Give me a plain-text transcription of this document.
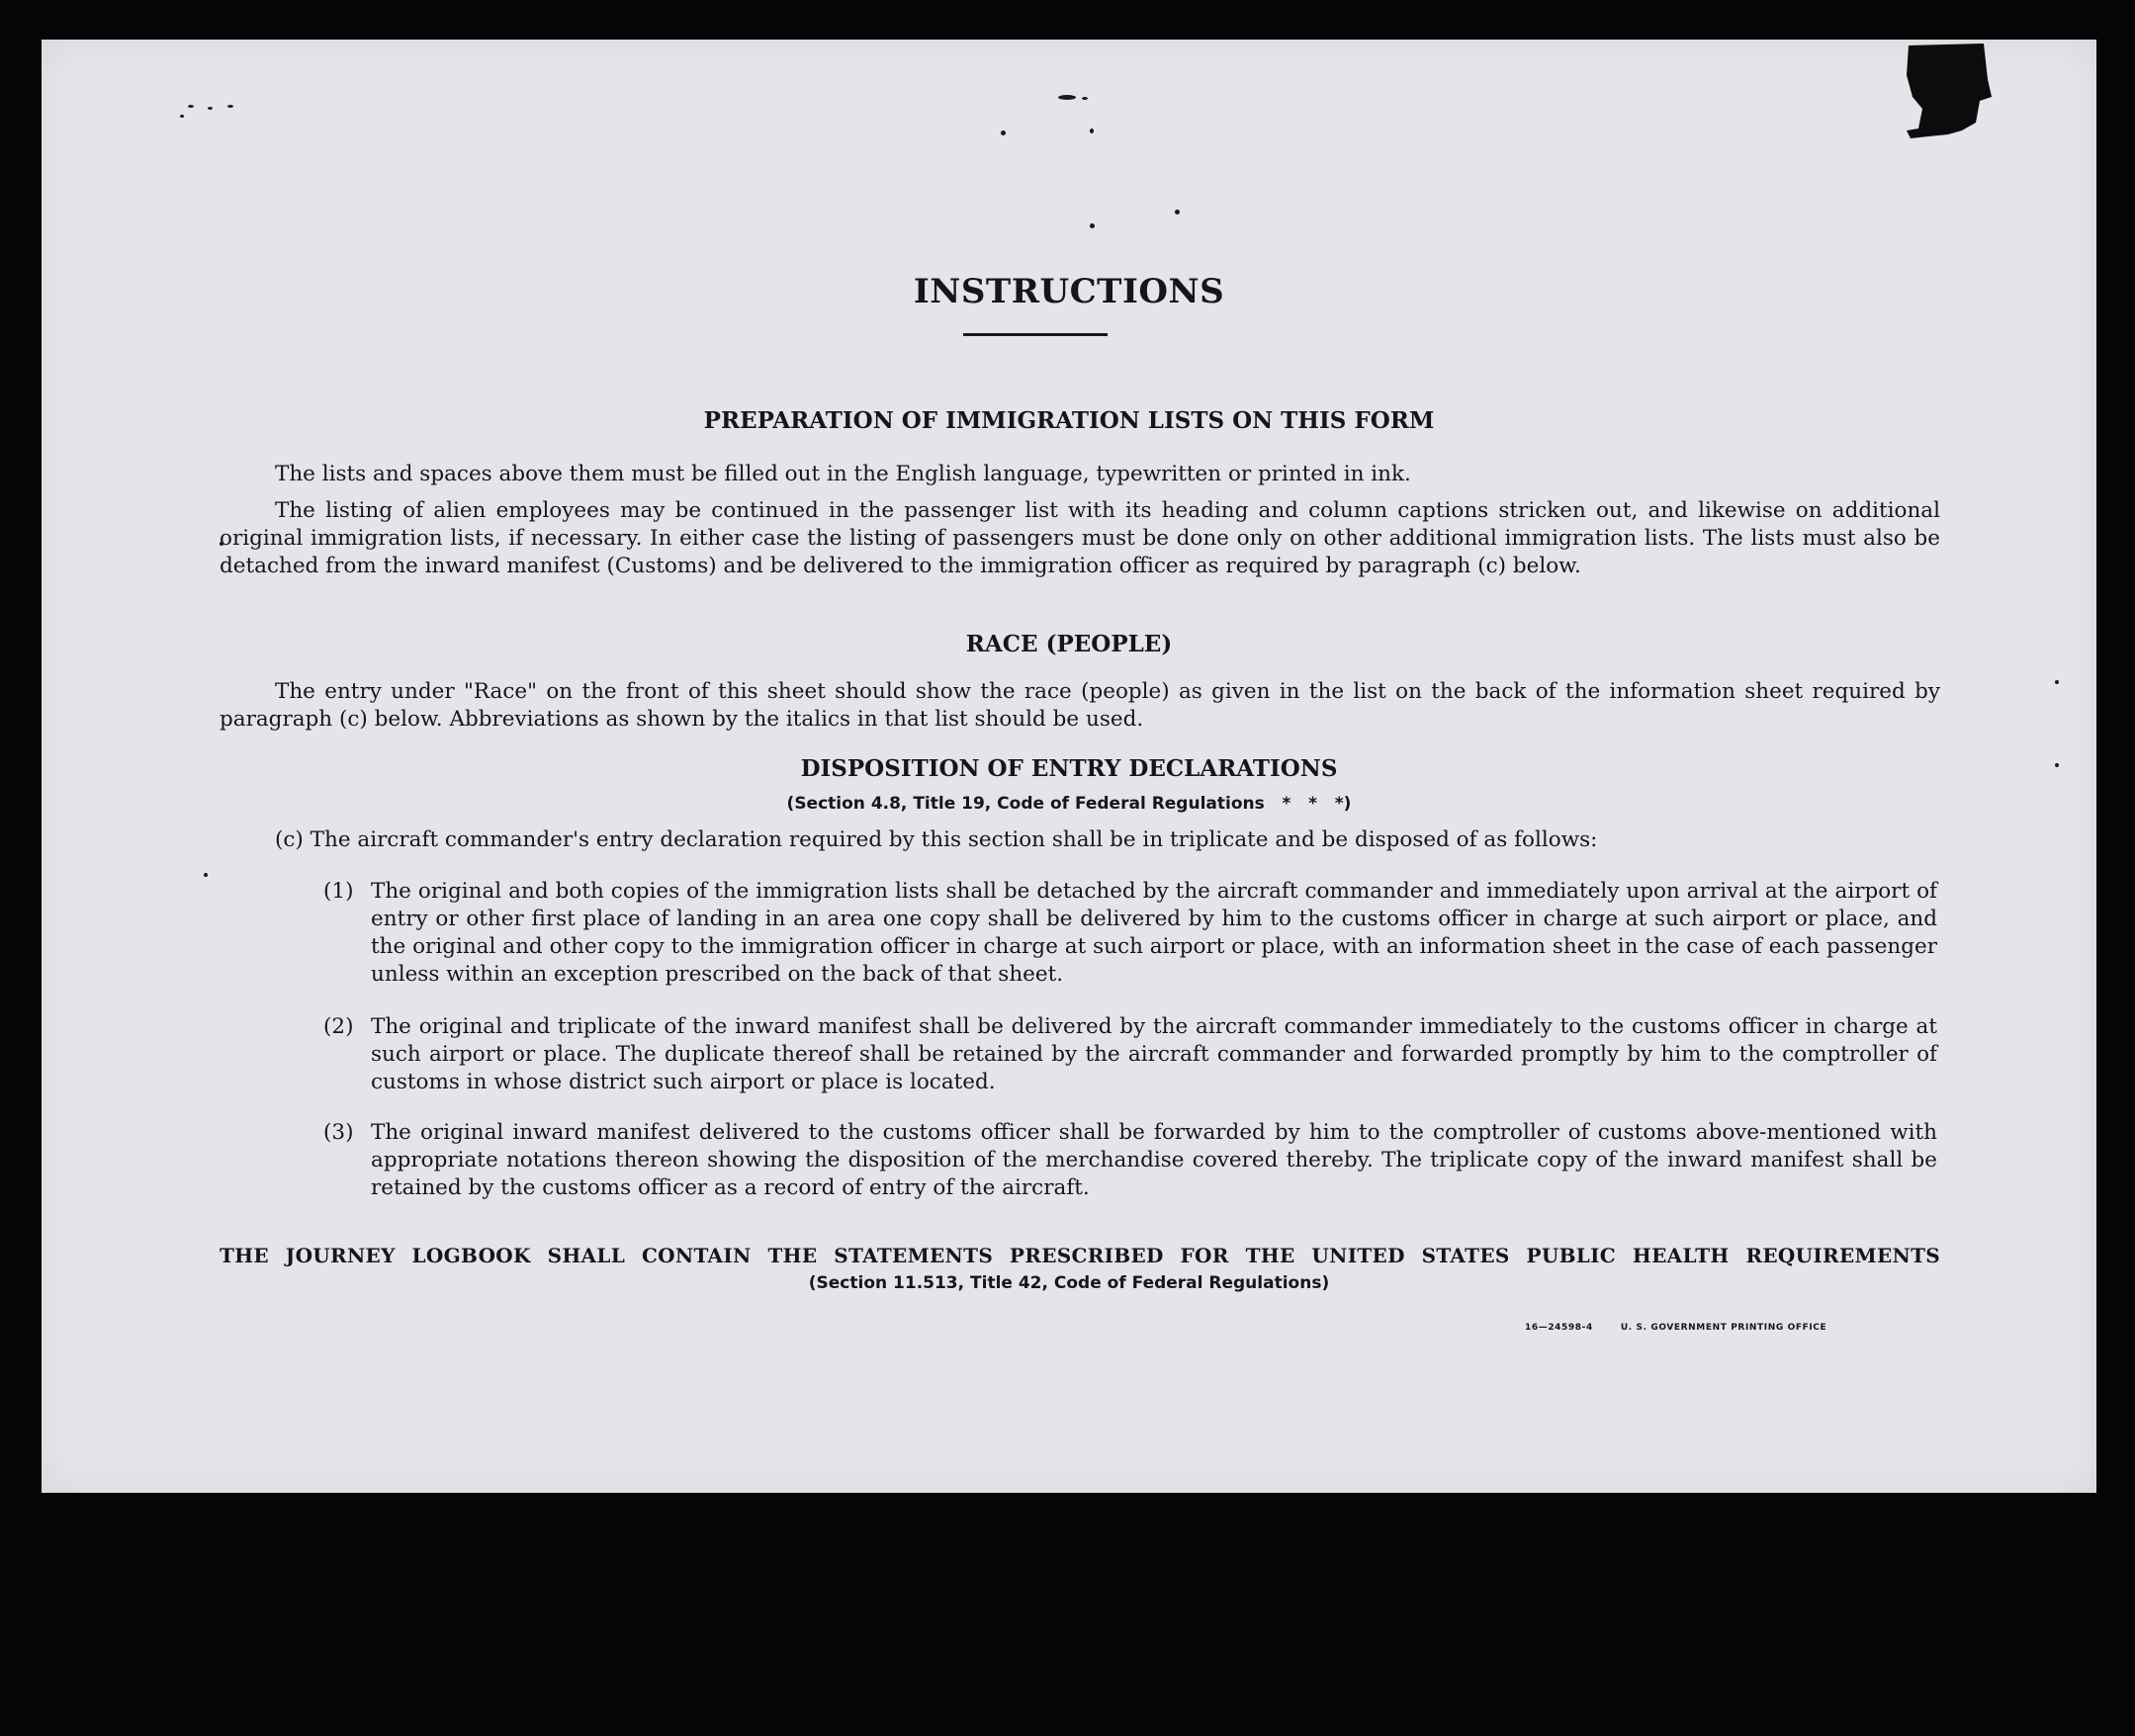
INSTRUCTIONS
PREPARATION OF IMMIGRATION LISTS ON THIS FORM

The lists and spaces above them must be filled out in the English language, typewritten or printed in ink.

The listing of alien employees may be continued in the passenger list with its heading and column captions stricken out, and likewise on additional original immigration lists, if necessary. In either case the listing of passengers must be done only on other additional immigration lists. The lists must also be detached from the inward manifest (Customs) and be delivered to the immigration officer as required by paragraph (c) below.

RACE (PEOPLE)

The entry under "Race" on the front of this sheet should show the race (people) as given in the list on the back of the information sheet required by paragraph (c) below. Abbreviations as shown by the italics in that list should be used.

DISPOSITION OF ENTRY DECLARATIONS
(Section 4.8, Title 19, Code of Federal Regulations   *   *   *)

(c) The aircraft commander's entry declaration required by this section shall be in triplicate and be disposed of as follows:

(1) The original and both copies of the immigration lists shall be detached by the aircraft commander and immediately upon arrival at the airport of entry or other first place of landing in an area one copy shall be delivered by him to the customs officer in charge at such airport or place, and the original and other copy to the immigration officer in charge at such airport or place, with an information sheet in the case of each passenger unless within an exception prescribed on the back of that sheet.

(2) The original and triplicate of the inward manifest shall be delivered by the aircraft commander immediately to the customs officer in charge at such airport or place. The duplicate thereof shall be retained by the aircraft commander and forwarded promptly by him to the comptroller of customs in whose district such airport or place is located.

(3) The original inward manifest delivered to the customs officer shall be forwarded by him to the comptroller of customs above-mentioned with appropriate notations thereon showing the disposition of the merchandise covered thereby. The triplicate copy of the inward manifest shall be retained by the customs officer as a record of entry of the aircraft.

THE JOURNEY LOGBOOK SHALL CONTAIN THE STATEMENTS PRESCRIBED FOR THE UNITED STATES PUBLIC HEALTH REQUIREMENTS
(Section 11.513, Title 42, Code of Federal Regulations)
16—24598-4	U. S. GOVERNMENT PRINTING OFFICE
